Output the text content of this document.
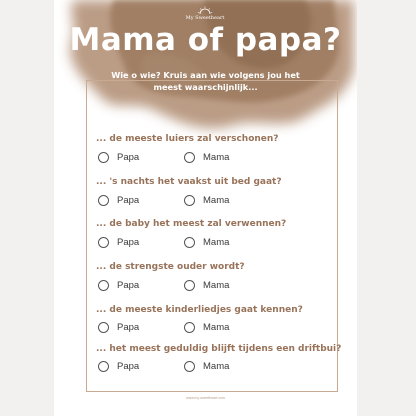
My Sweetheart
Mama of papa?
Wie o wie? Kruis aan wie volgens jou het meest waarschijnlijk...
... de meeste luiers zal verschonen?
Papa	Mama
... 's nachts het vaakst uit bed gaat?
Papa	Mama
... de baby het meest zal verwennen?
Papa	Mama
... de strengste ouder wordt?
Papa	Mama
... de meeste kinderliedjes gaat kennen?
Papa	Mama
... het meest geduldig blijft tijdens een driftbui?
Papa	Mama
www.my-sweetheart.com
